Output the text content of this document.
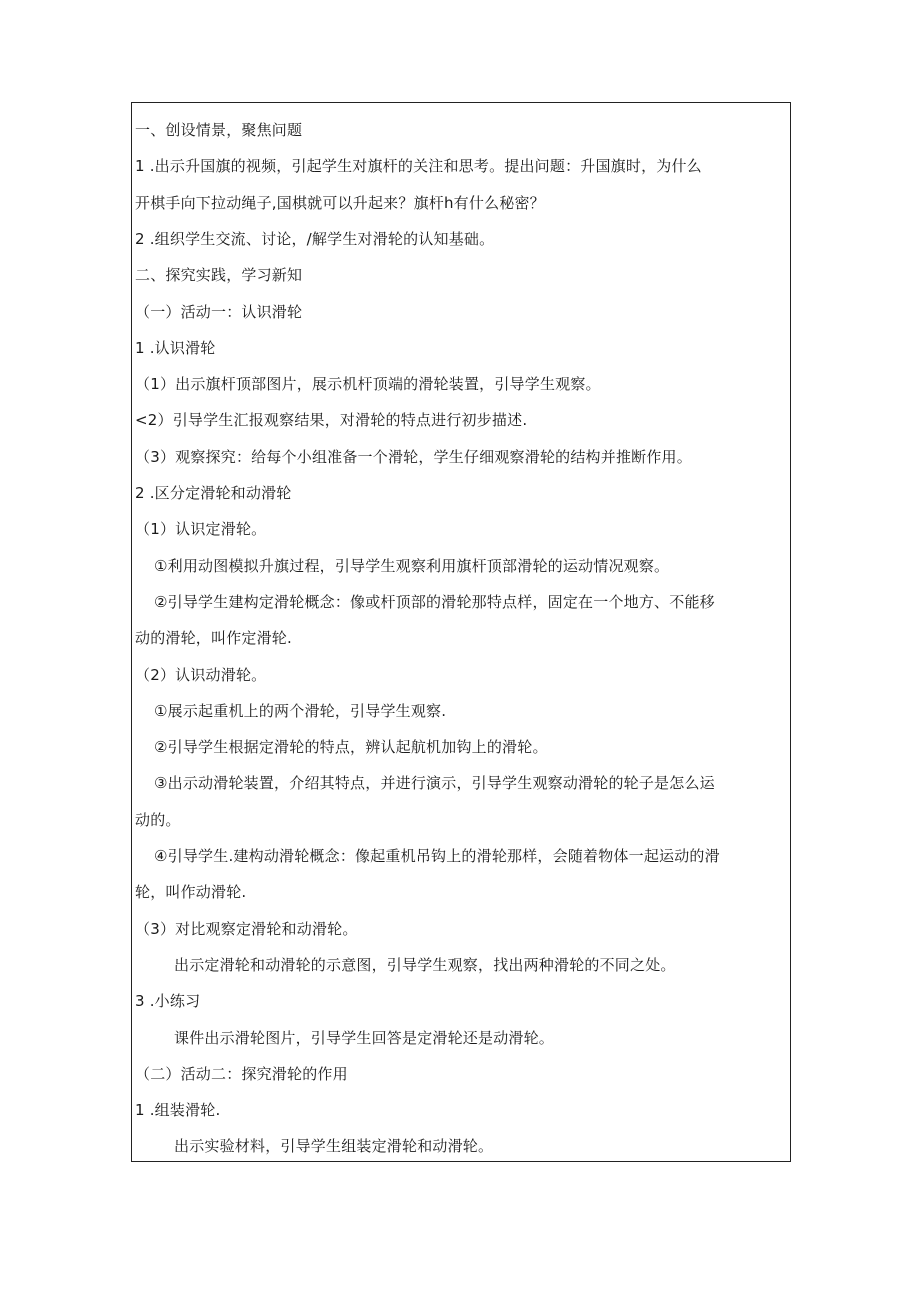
一、创设情景，聚焦问题
1 .出示升国旗的视频，引起学生对旗杆的关注和思考。提出问题：升国旗时，为什么
开棋手向下拉动绳子,国棋就可以升起来？旗杆h有什么秘密？
2 .组织学生交流、讨论，/解学生对滑轮的认知基础。
二、探究实践，学习新知
（一）活动一：认识滑轮
1 .认识滑轮
（1）出示旗杆顶部图片，展示机杆顶端的滑轮装置，引导学生观察。
<2）引导学生汇报观察结果，对滑轮的特点进行初步描述.
（3）观察探究：给每个小组准备一个滑轮，学生仔细观察滑轮的结构并推断作用。
2 .区分定滑轮和动滑轮
（1）认识定滑轮。
①利用动图模拟升旗过程，引导学生观察利用旗杆顶部滑轮的运动情况观察。
②引导学生建构定滑轮概念：像或杆顶部的滑轮那特点样，固定在一个地方、不能移
动的滑轮，叫作定滑轮.
（2）认识动滑轮。
①展示起重机上的两个滑轮，引导学生观察.
②引导学生根据定滑轮的特点，辨认起航机加钩上的滑轮。
③出示动滑轮装置，介绍其特点，并进行演示，引导学生观察动滑轮的轮子是怎么运
动的。
④引导学生.建构动滑轮概念：像起重机吊钩上的滑轮那样，会随着物体一起运动的滑
轮，叫作动滑轮.
（3）对比观察定滑轮和动滑轮。
出示定滑轮和动滑轮的示意图，引导学生观察，找出两种滑轮的不同之处。
3 .小练习
课件出示滑轮图片，引导学生回答是定滑轮还是动滑轮。
（二）活动二：探究滑轮的作用
1 .组装滑轮.
出示实验材料，引导学生组装定滑轮和动滑轮。
